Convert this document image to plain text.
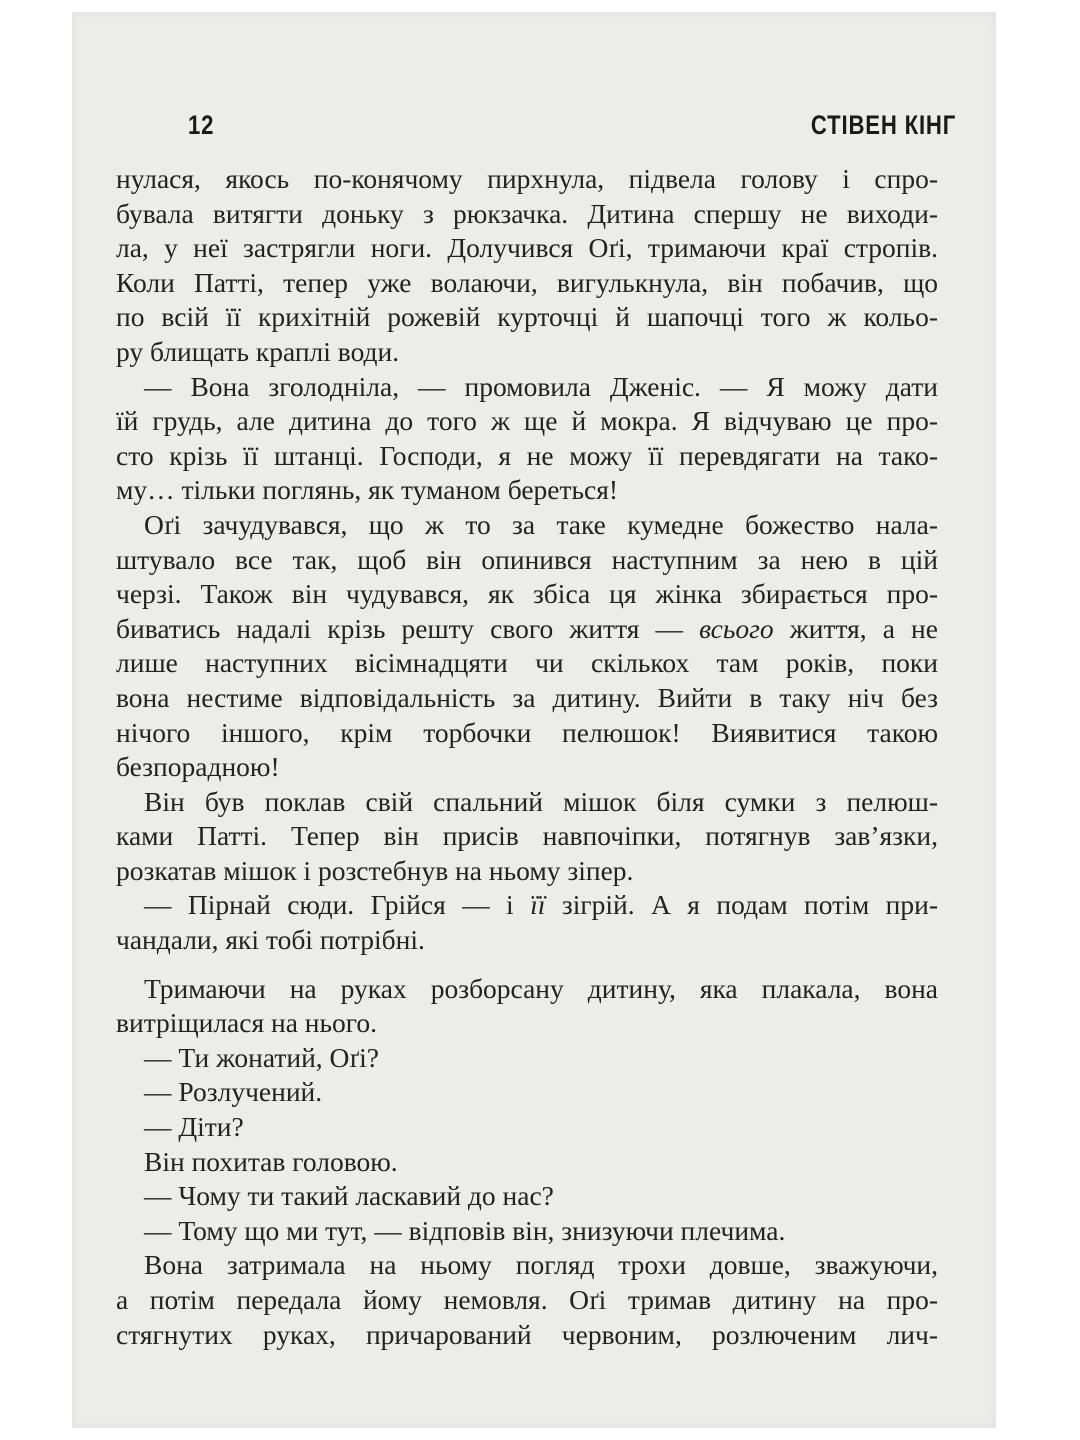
12	СТІВЕН КІНГ
нулася, якось по-конячому пирхнула, підвела голову і спро-
бувала витягти доньку з рюкзачка. Дитина спершу не виходи-
ла, у неї застрягли ноги. Долучився Оґі, тримаючи краї стропів.
Коли Патті, тепер уже волаючи, вигулькнула, він побачив, що
по всій її крихітній рожевій курточці й шапочці того ж кольо-
ру блищать краплі води.
— Вона зголодніла, — промовила Дженіс. — Я можу дати
їй грудь, але дитина до того ж ще й мокра. Я відчуваю це про-
сто крізь її штанці. Господи, я не можу її перевдягати на тако-
му… тільки поглянь, як туманом береться!
Оґі зачудувався, що ж то за таке кумедне божество нала-
штувало все так, щоб він опинився наступним за нею в цій
черзі. Також він чудувався, як збіса ця жінка збирається про-
биватись надалі крізь решту свого життя — всього життя, а не
лише наступних вісімнадцяти чи скількох там років, поки
вона нестиме відповідальність за дитину. Вийти в таку ніч без
нічого іншого, крім торбочки пелюшок! Виявитися такою
безпорадною!
Він був поклав свій спальний мішок біля сумки з пелюш-
ками Патті. Тепер він присів навпочіпки, потягнув зав’язки,
розкатав мішок і розстебнув на ньому зіпер.
— Пірнай сюди. Грійся — і її зігрій. А я подам потім при-
чандали, які тобі потрібні.
Тримаючи на руках розборсану дитину, яка плакала, вона
витріщилася на нього.
— Ти жонатий, Оґі?
— Розлучений.
— Діти?
Він похитав головою.
— Чому ти такий ласкавий до нас?
— Тому що ми тут, — відповів він, знизуючи плечима.
Вона затримала на ньому погляд трохи довше, зважуючи,
а потім передала йому немовля. Оґі тримав дитину на про-
стягнутих руках, причарований червоним, розлюченим лич-
